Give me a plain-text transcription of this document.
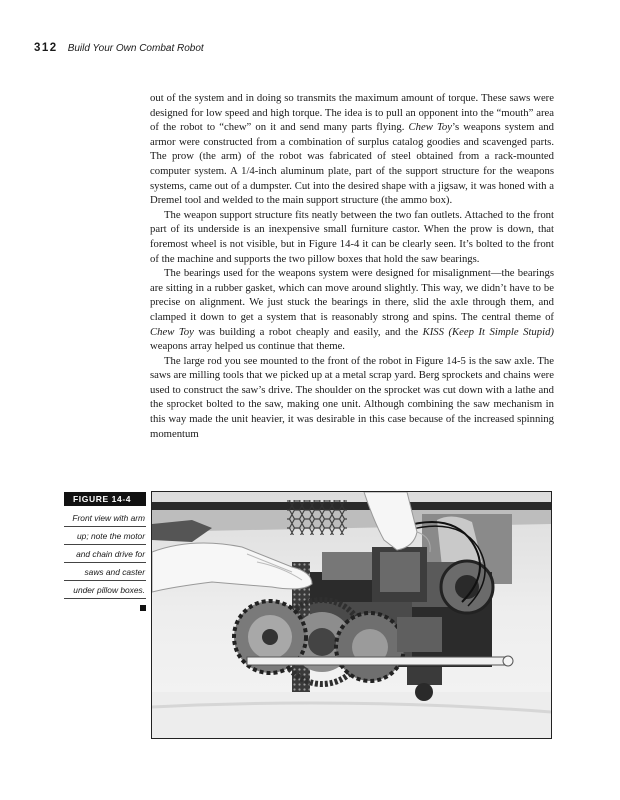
312 Build Your Own Combat Robot

out of the system and in doing so transmits the maximum amount of torque. These saws were designed for low speed and high torque. The idea is to pull an opponent into the “mouth” area of the robot to “chew” on it and send many parts flying. Chew Toy’s weapons system and armor were constructed from a combination of surplus catalog goodies and scavenged parts. The prow (the arm) of the robot was fabricated of steel obtained from a rack-mounted computer system. A 1/4-inch aluminum plate, part of the support structure for the weapons systems, came out of a dumpster. Cut into the desired shape with a jigsaw, it was honed with a Dremel tool and welded to the main support structure (the ammo box).

The weapon support structure fits neatly between the two fan outlets. Attached to the front part of its underside is an inexpensive small furniture castor. When the prow is down, that foremost wheel is not visible, but in Figure 14-4 it can be clearly seen. It’s bolted to the front of the machine and supports the two pillow boxes that hold the saw bearings.

The bearings used for the weapons system were designed for misalignment—the bearings are sitting in a rubber gasket, which can move around slightly. This way, we didn’t have to be precise on alignment. We just stuck the bearings in there, slid the axle through them, and clamped it down to get a system that is reasonably strong and spins. The central theme of Chew Toy was building a robot cheaply and easily, and the KISS (Keep It Simple Stupid) weapons array helped us continue that theme.

The large rod you see mounted to the front of the robot in Figure 14-5 is the saw axle. The saws are milling tools that we picked up at a metal scrap yard. Berg sprockets and chains were used to construct the saw’s drive. The shoulder on the sprocket was cut down with a lathe and the sprocket bolted to the saw, making one unit. Although combining the saw mechanism in this way made the unit heavier, it was desirable in this case because of the increased spinning momentum

FIGURE 14-4
Front view with arm
up; note the motor
and chain drive for
saws and caster
under pillow boxes.
